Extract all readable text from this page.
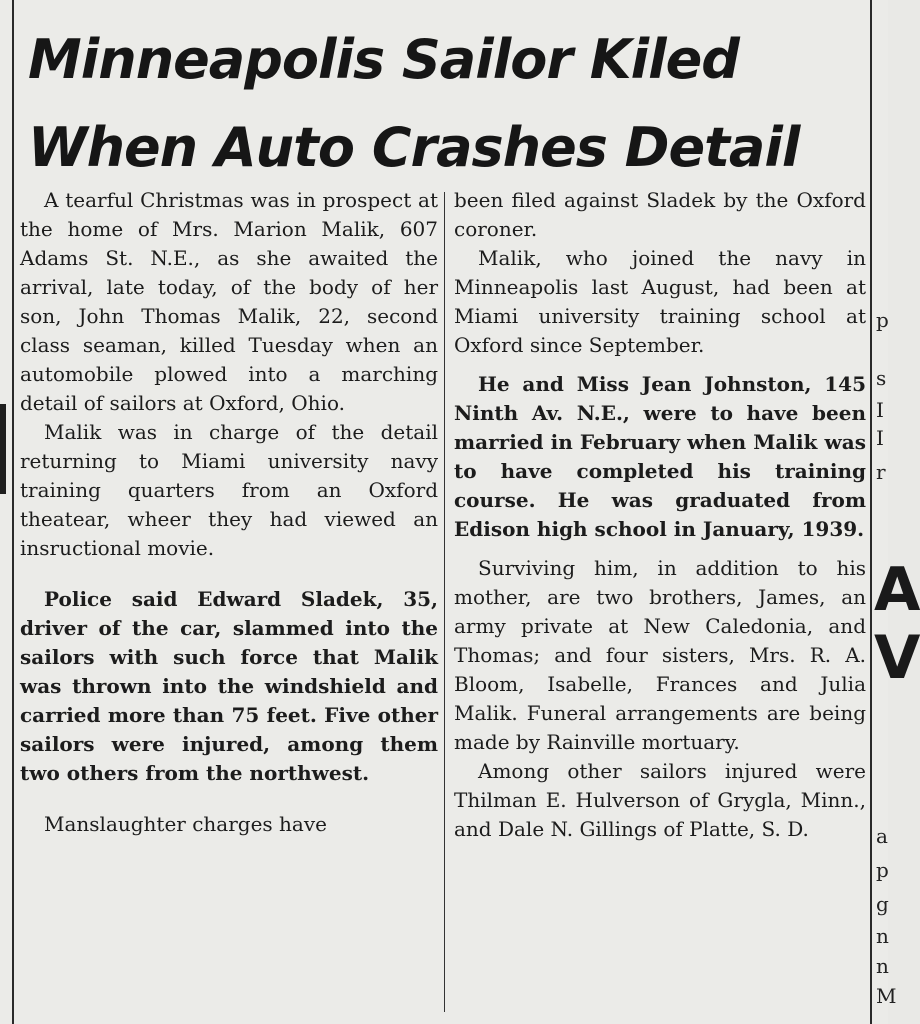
Minneapolis Sailor Kiled
When Auto Crashes Detail

A tearful Christmas was in prospect at the home of Mrs. Marion Malik, 607 Adams St. N.E., as she awaited the arrival, late today, of the body of her son, John Thomas Malik, 22, second class seaman, killed Tuesday when an automobile plowed into a marching detail of sailors at Oxford, Ohio.

Malik was in charge of the detail returning to Miami university navy training quarters from an Oxford theatear, wheer they had viewed an insructional movie.

Police said Edward Sladek, 35, driver of the car, slammed into the sailors with such force that Malik was thrown into the windshield and carried more than 75 feet. Five other sailors were injured, among them two others from the northwest.

Manslaughter charges have

been filed against Sladek by the Oxford coroner.

Malik, who joined the navy in Minneapolis last August, had been at Miami university training school at Oxford since September.

He and Miss Jean Johnston, 145 Ninth Av. N.E., were to have been married in February when Malik was to have completed his training course. He was graduated from Edison high school in January, 1939.

Surviving him, in addition to his mother, are two brothers, James, an army private at New Caledonia, and Thomas; and four sisters, Mrs. R. A. Bloom, Isabelle, Frances and Julia Malik. Funeral arrangements are being made by Rainville mortuary.

Among other sailors injured were Thilman E. Hulverson of Grygla, Minn., and Dale N. Gillings of Platte, S. D.

p
s
I
I
r
A
V
a
p
g
n
n
M
